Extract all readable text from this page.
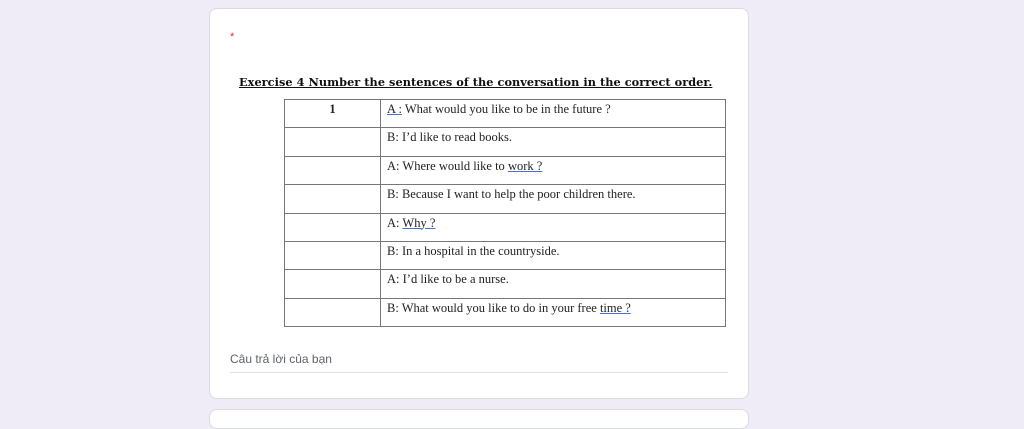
*
Exercise 4 Number the sentences of the conversation in the correct order.
1	A : What would you like to be in the future ?
	B: I’d like to read books.
	A: Where would like to work ?
	B: Because I want to help the poor children there.
	A: Why ?
	B: In a hospital in the countryside.
	A: I’d like to be a nurse.
	B: What would you like to do in your free time ?
Câu trả lời của bạn
